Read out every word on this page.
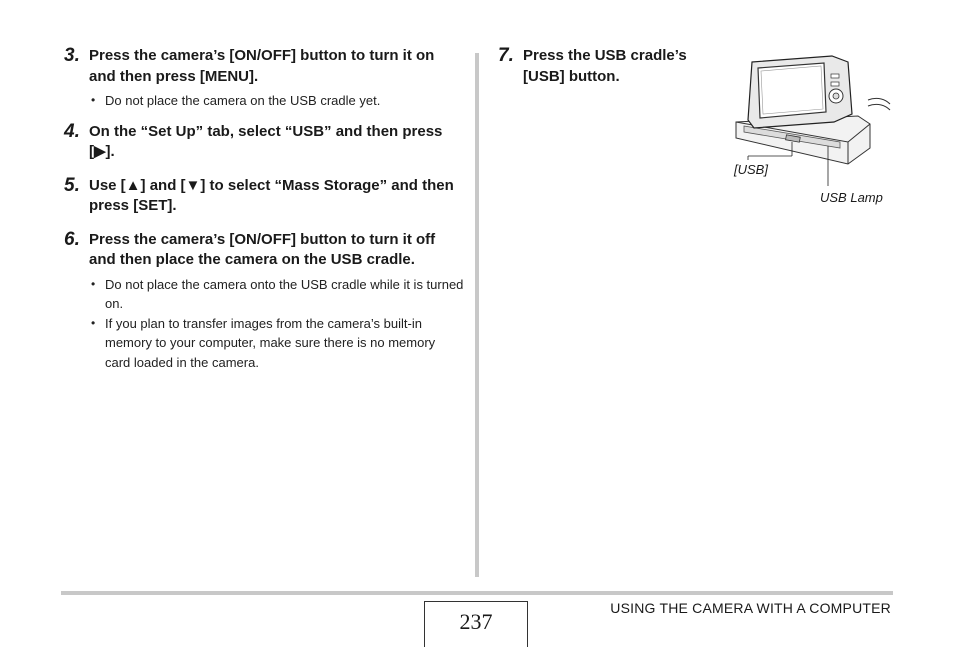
3. Press the camera’s [ON/OFF] button to turn it on and then press [MENU].
• Do not place the camera on the USB cradle yet.
4. On the “Set Up” tab, select “USB” and then press [▶].
5. Use [▲] and [▼] to select “Mass Storage” and then press [SET].
6. Press the camera’s [ON/OFF] button to turn it off and then place the camera on the USB cradle.
• Do not place the camera onto the USB cradle while it is turned on.
• If you plan to transfer images from the camera’s built-in memory to your computer, make sure there is no memory card loaded in the camera.
7. Press the USB cradle’s [USB] button.
[USB]
USB Lamp
237
USING THE CAMERA WITH A COMPUTER
